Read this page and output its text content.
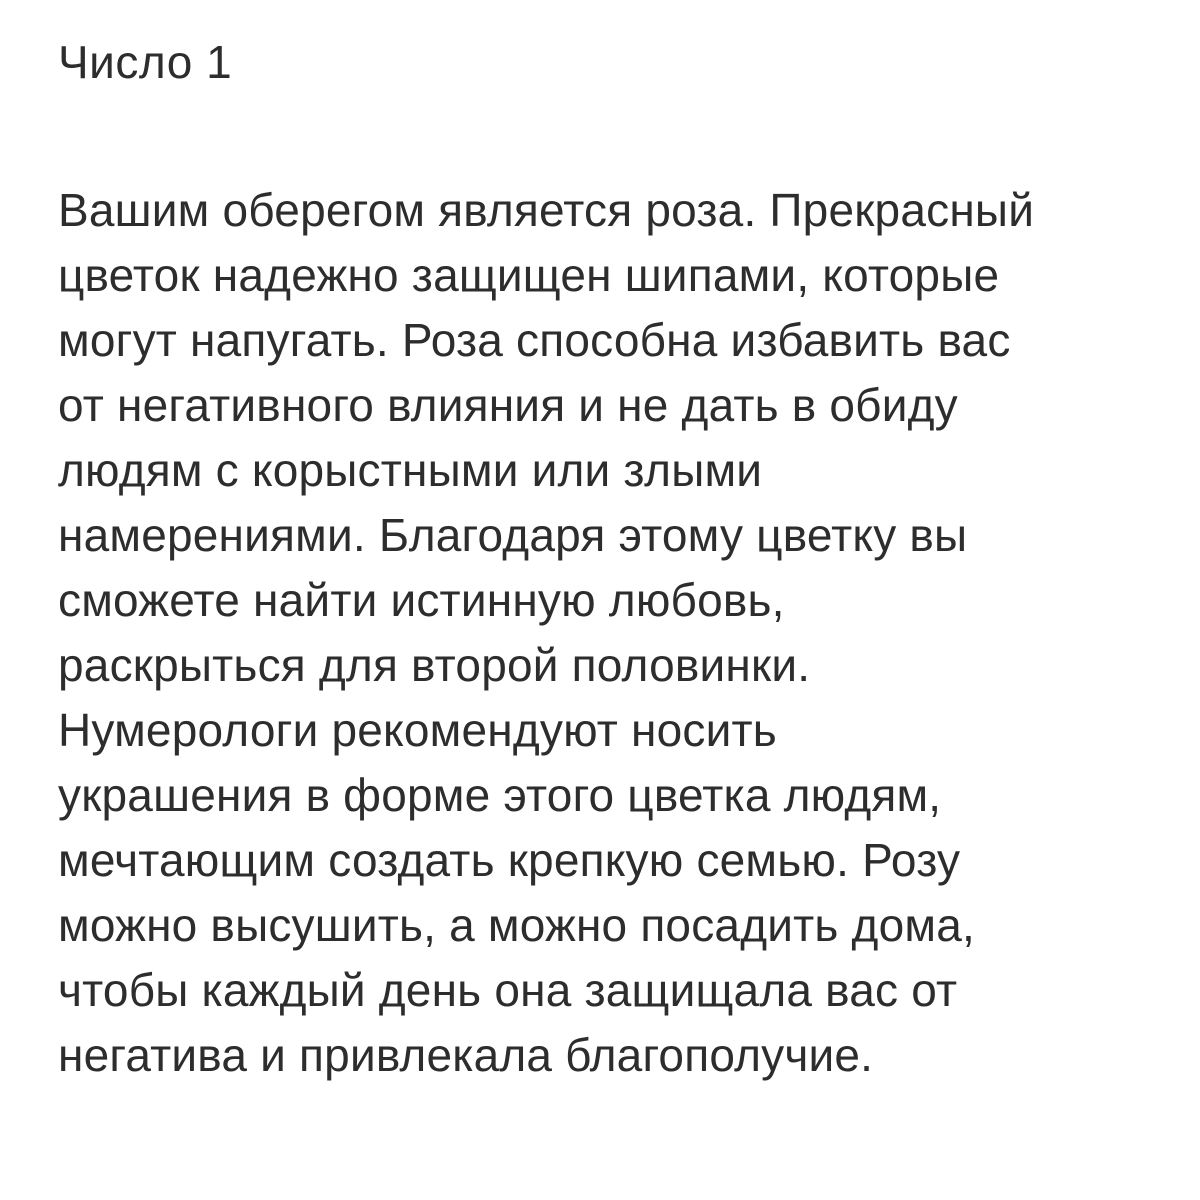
Число 1
Вашим оберегом является роза. Прекрасный
цветок надежно защищен шипами, которые
могут напугать. Роза способна избавить вас
от негативного влияния и не дать в обиду
людям с корыстными или злыми
намерениями. Благодаря этому цветку вы
сможете найти истинную любовь,
раскрыться для второй половинки.
Нумерологи рекомендуют носить
украшения в форме этого цветка людям,
мечтающим создать крепкую семью. Розу
можно высушить, а можно посадить дома,
чтобы каждый день она защищала вас от
негатива и привлекала благополучие.
